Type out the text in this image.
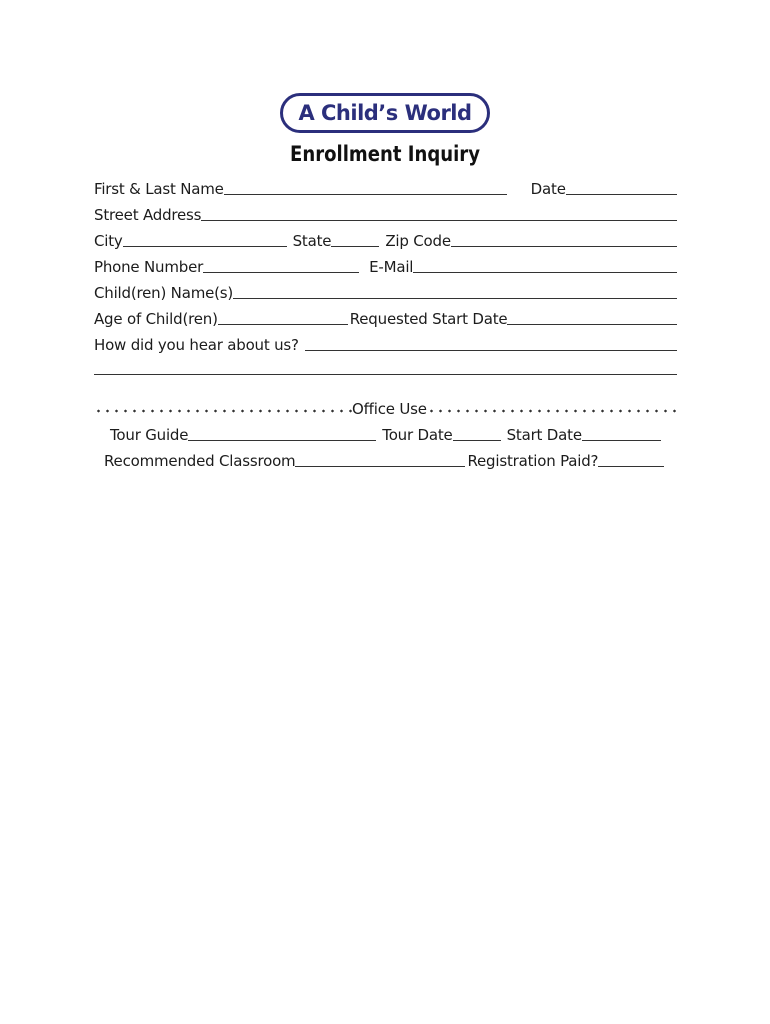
A Child’s World
Enrollment Inquiry
First & Last Name	Date
Street Address
City	State	Zip Code
Phone Number	E-Mail
Child(ren) Name(s)
Age of Child(ren)	Requested Start Date
How did you hear about us?
Office Use
Tour Guide	Tour Date	Start Date
Recommended Classroom	Registration Paid?
